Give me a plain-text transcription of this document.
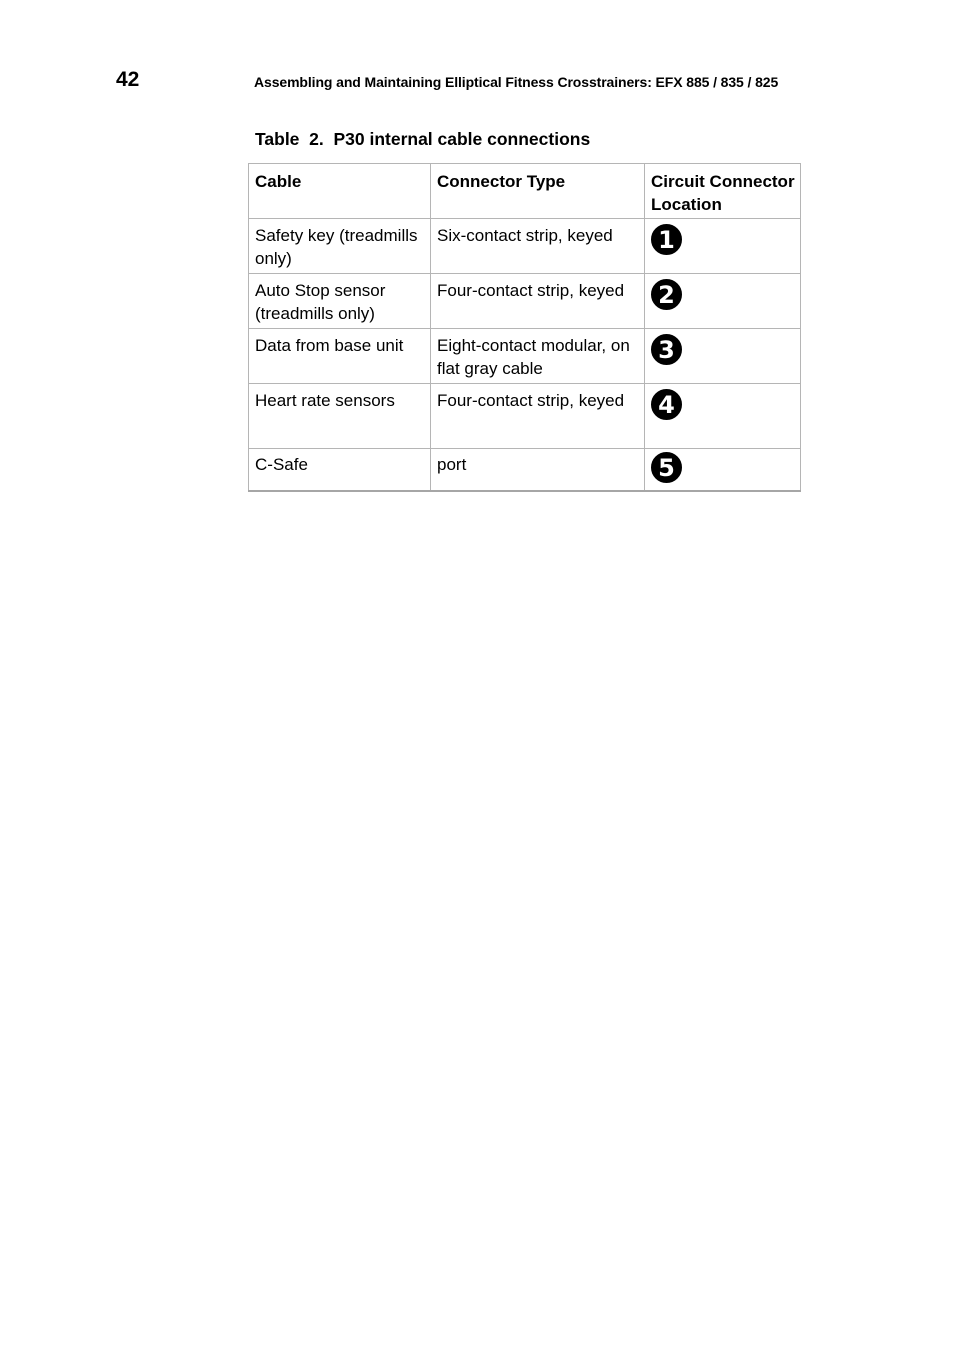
42	Assembling and Maintaining Elliptical Fitness Crosstrainers: EFX 885 / 835 / 825
Table  2.  P30 internal cable connections
Cable	Connector Type	Circuit Connector Location
Safety key (treadmills only)	Six-contact strip, keyed	1
Auto Stop sensor (treadmills only)	Four-contact strip, keyed	2
Data from base unit	Eight-contact modular, on flat gray cable	3
Heart rate sensors	Four-contact strip, keyed	4
C-Safe	port	5
